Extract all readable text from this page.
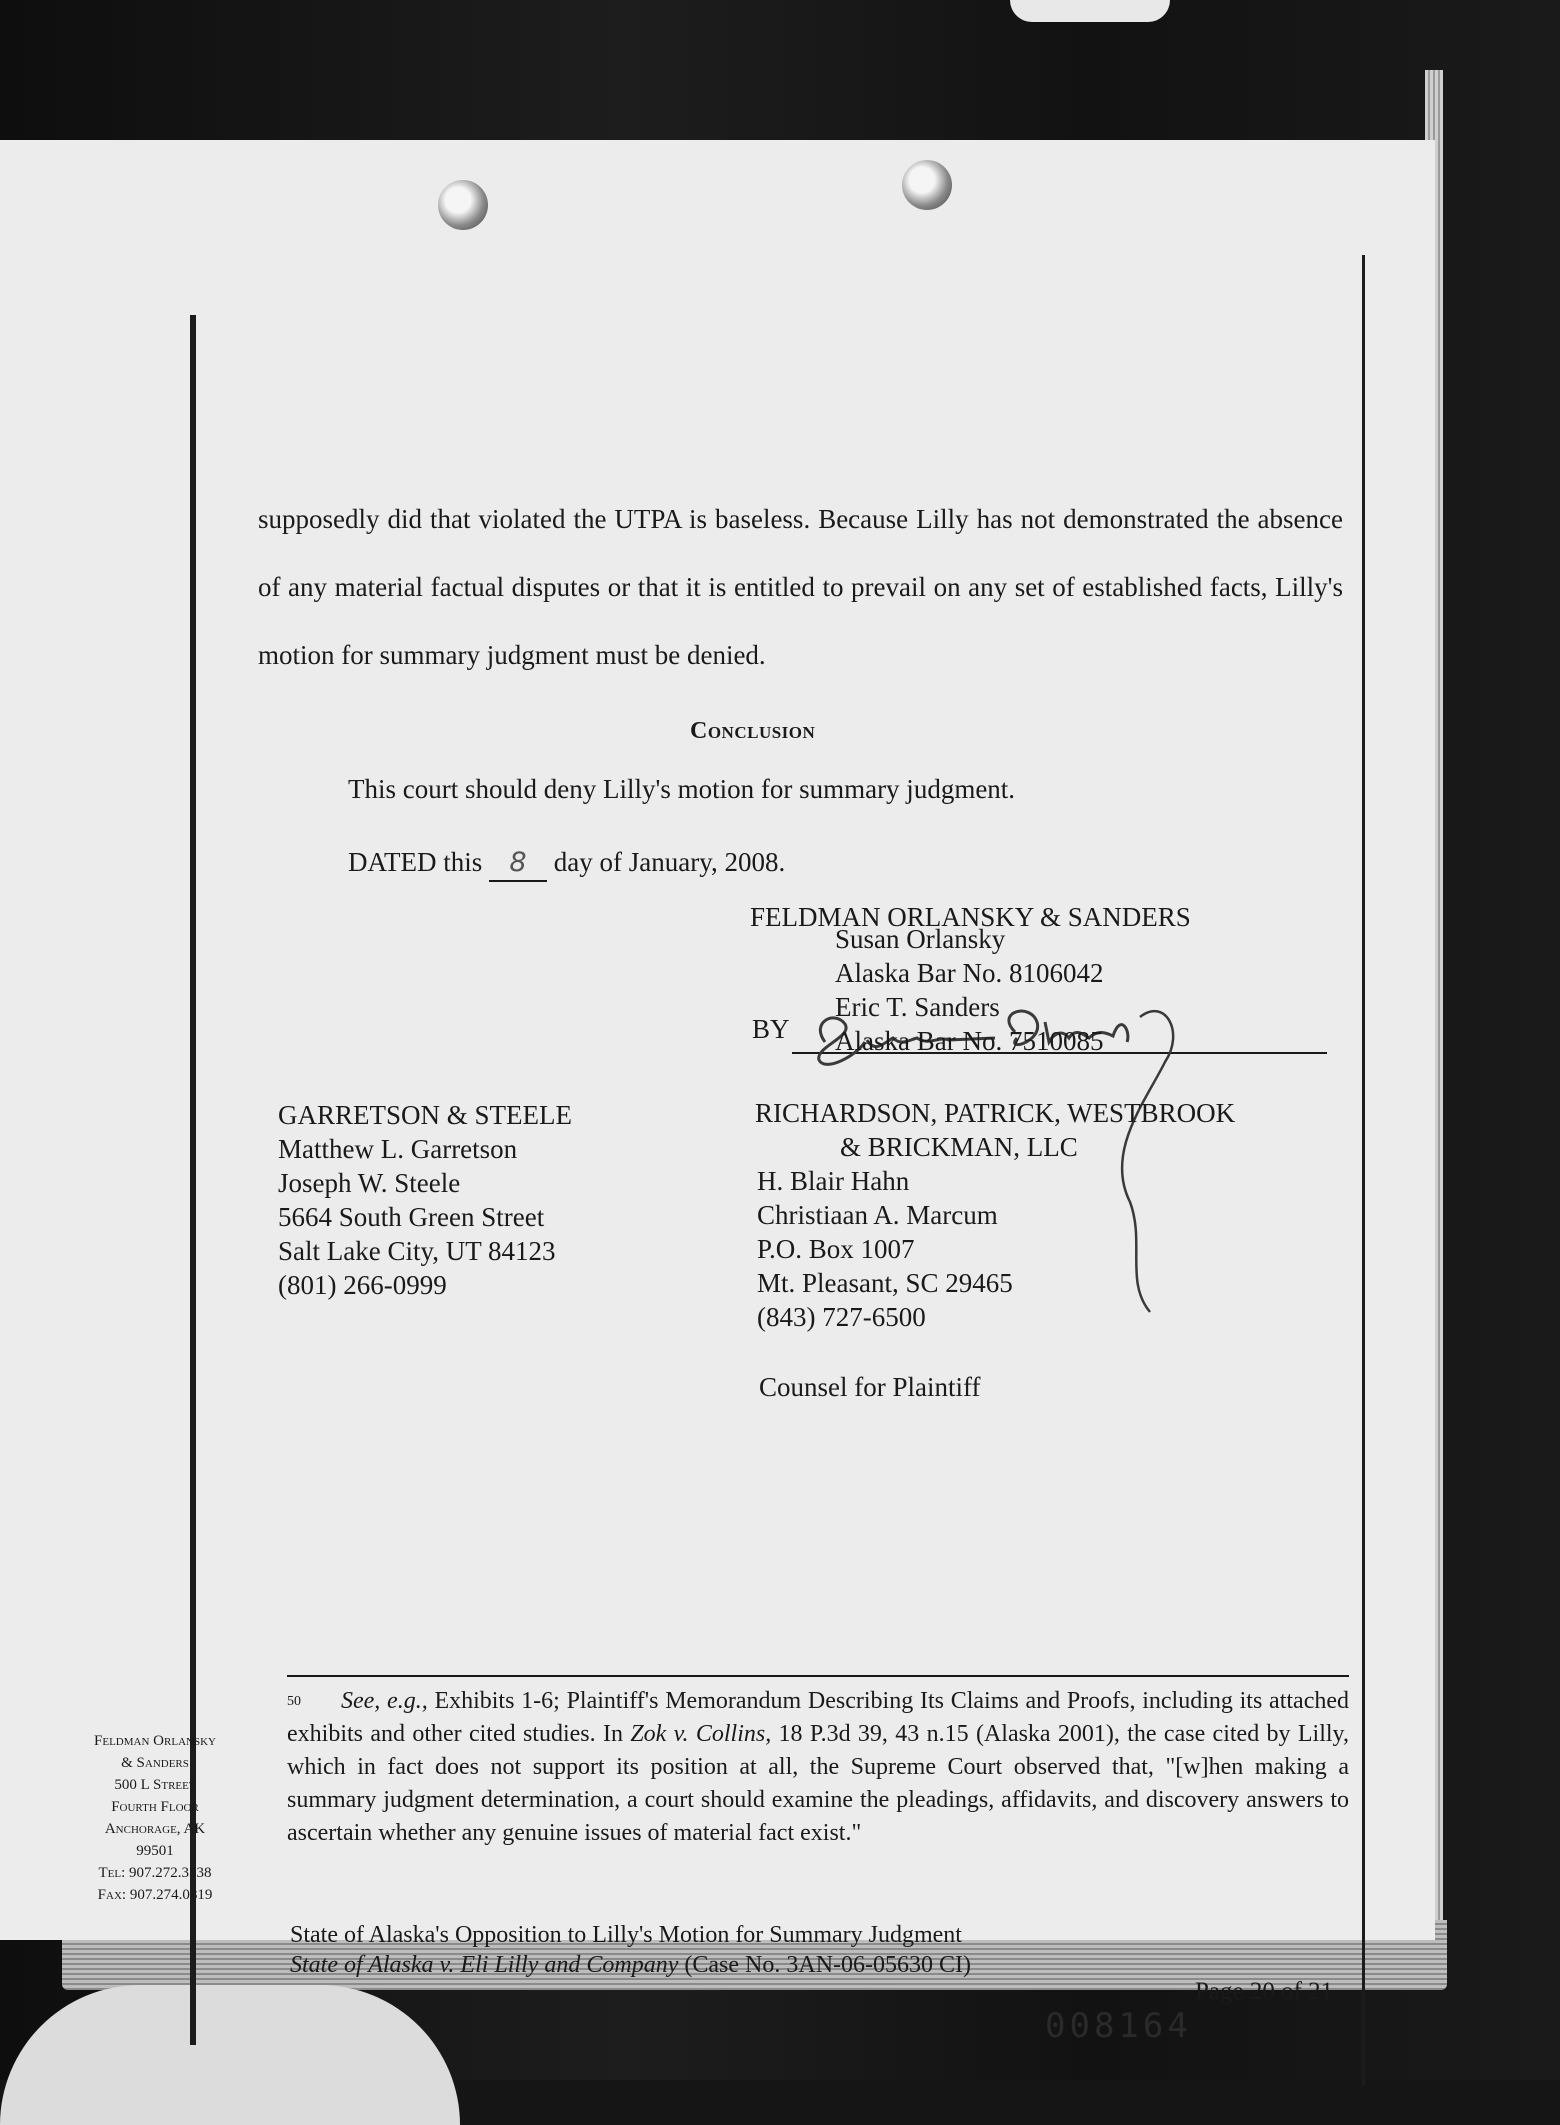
supposedly did that violated the UTPA is baseless. Because Lilly has not demonstrated the absence of any material factual disputes or that it is entitled to prevail on any set of established facts, Lilly's motion for summary judgment must be denied.
Conclusion
This court should deny Lilly's motion for summary judgment.
DATED this 8 day of January, 2008.
FELDMAN ORLANSKY & SANDERS
BY
Susan Orlansky
Alaska Bar No. 8106042
Eric T. Sanders
Alaska Bar No. 7510085
GARRETSON & STEELE
Matthew L. Garretson
Joseph W. Steele
5664 South Green Street
Salt Lake City, UT 84123
(801) 266-0999
RICHARDSON, PATRICK, WESTBROOK
& BRICKMAN, LLC
H. Blair Hahn
Christiaan A. Marcum
P.O. Box 1007
Mt. Pleasant, SC 29465
(843) 727-6500
Counsel for Plaintiff
$^{50}$ See, e.g., Exhibits 1-6; Plaintiff's Memorandum Describing Its Claims and Proofs, including its attached exhibits and other cited studies. In Zok v. Collins, 18 P.3d 39, 43 n.15 (Alaska 2001), the case cited by Lilly, which in fact does not support its position at all, the Supreme Court observed that, "[w]hen making a summary judgment determination, a court should examine the pleadings, affidavits, and discovery answers to ascertain whether any genuine issues of material fact exist."
Feldman Orlansky
& Sanders
500 L Street
Fourth Floor
Anchorage, AK
99501
Tel: 907.272.3538
Fax: 907.274.0819
State of Alaska's Opposition to Lilly's Motion for Summary Judgment
State of Alaska v. Eli Lilly and Company (Case No. 3AN-06-05630 CI)
Page 20 of 21
008164
